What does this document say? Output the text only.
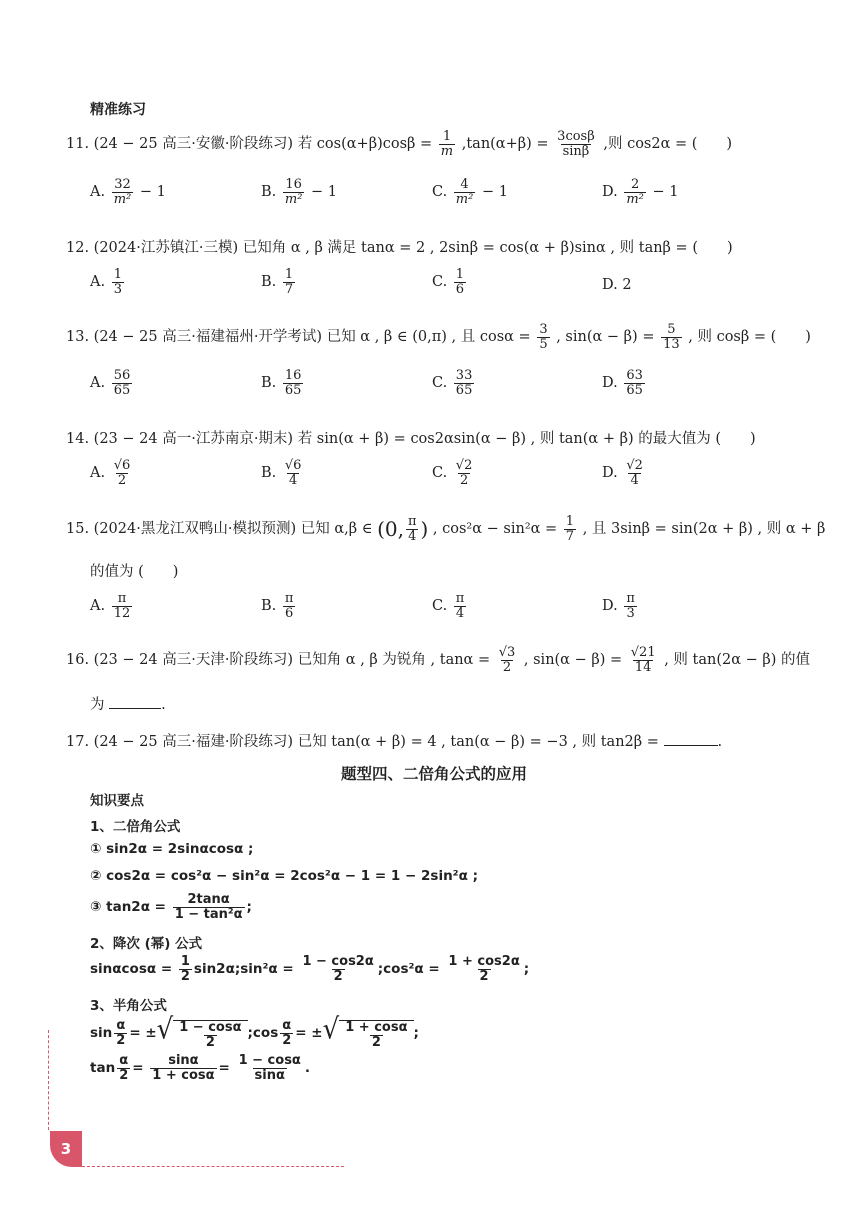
精准练习
11. (24 − 25 高三·安徽·阶段练习) 若 $\cos(\alpha+\beta)\cos\beta = \frac{1}{m} ,\tan(\alpha+\beta) = \frac{3\cos\beta}{\sin\beta}$ ,则 cos2α = (　　)
A. $\frac{32}{\text{m²}} - 1$	B. $\frac{16}{\text{m²}} - 1$	C. $\frac{4}{\text{m²}} - 1$	D. $\frac{2}{\text{m²}} - 1$
12. (2024·江苏镇江·三模) 已知角 α , β 满足 tanα = 2 , 2sinβ = cos(α + β)sinα , 则 tanβ = (　　)
A. $\frac{1}{3}$	B. $\frac{1}{7}$	C. $\frac{1}{6}$	D. 2
13. (24 − 25 高三·福建福州·开学考试) 已知 α , β ∈ (0,π) , 且 $\cos\alpha = \frac{3}{5}$ , $\sin(\alpha - \beta) = \frac{5}{13}$ , 则 cosβ = (　　)
A. $\frac{56}{65}$	B. $\frac{16}{65}$	C. $\frac{33}{65}$	D. $\frac{63}{65}$
14. (23 − 24 高一·江苏南京·期末) 若 sin(α + β) = cos2αsin(α − β) , 则 tan(α + β) 的最大值为 (　　)
A. $\frac{√6}{2}$	B. $\frac{√6}{4}$	C. $\frac{√2}{2}$	D. $\frac{√2}{4}$
15. (2024·黑龙江双鸭山·模拟预测) 已知 α,β ∈ (0, $\frac{\pi}{4}$ ) , $\cos^2\alpha - \sin^2\alpha = \frac{1}{7}$ , 且 3sinβ = sin(2α + β) , 则 α + β
的值为 (　　)
A. $\frac{\pi}{12}$	B. $\frac{\pi}{6}$	C. $\frac{\pi}{4}$	D. $\frac{\pi}{3}$
16. (23 − 24 高三·天津·阶段练习) 已知角 α , β 为锐角 , $\tan\alpha = \frac{√3}{2}$ , $\sin(\alpha - \beta) = \frac{√21}{14}$ , 则 tan(2α − β) 的值
为	.
17. (24 − 25 高三·福建·阶段练习) 已知 tan(α + β) = 4 , tan(α − β) = −3 , 则 tan2β =	.
题型四、二倍角公式的应用
知识要点
1、二倍角公式
① sin2α = 2sinαcosα ;
② cos2α = cos²α − sin²α = 2cos²α − 1 = 1 − 2sin²α ;
③ $\tan 2\alpha = \frac{2\tan\alpha}{\text{1 − tan²α}}$ ;
2、降次 (幂) 公式
$\sin\alpha\cos\alpha = \frac{1}{2}$ sin2α;sin²α = $\frac{1 - \cos 2\alpha}{2}$ ;cos²α = $\frac{1 + \cos 2\alpha}{2}$ ;
3、半角公式
$\sin \frac{\alpha}{2}$ = ± √ $\frac{1 - \cos\alpha}{2}$ ;cos $\frac{\alpha}{2}$ = ± √ $\frac{1 + \cos\alpha}{2}$ ;
$\tan \frac{\alpha}{2} = \frac{\sin\alpha}{1 + \cos\alpha} = \frac{1 - \cos\alpha}{\sin\alpha}$ .
3
